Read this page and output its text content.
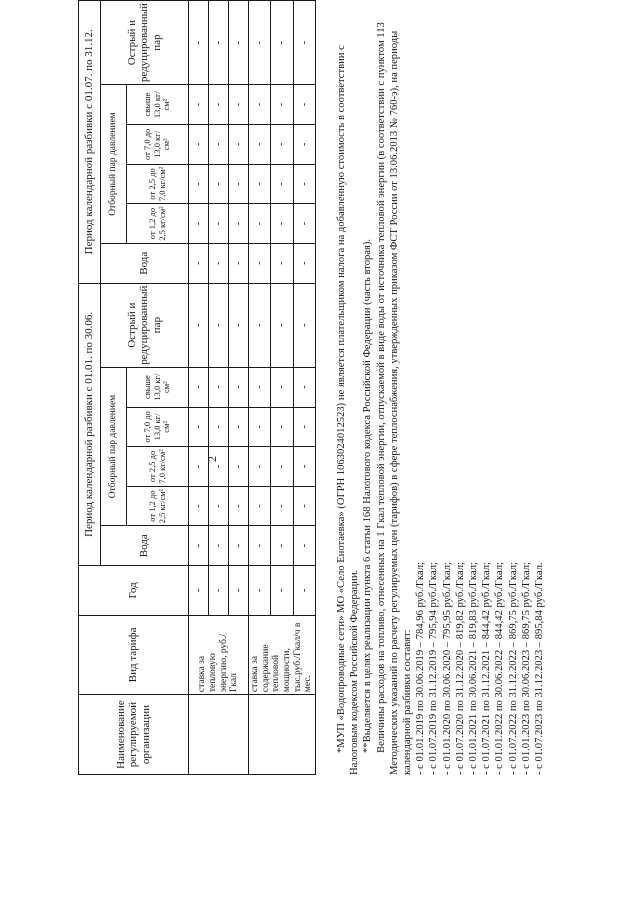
2
Наименование регулируемой организации	Вид тарифа	Год	Период календарной разбивки с 01.01. по 30.06.						Период календарной разбивки с 01.07. по 31.12.					
			Вода	Отборный пар давлением				Острый и редуцированный пар	Вода	Отборный пар давлением				Острый и редуцированный пар
				от 1,2 до 2,5 кг/см²	от 2,5 до 7,0 кг/см²	от 7,0 до 13,0 кг/см²	свыше 13,0 кг/см²			от 1,2 до 2,5 кг/см²	от 2,5 до 7,0 кг/см²	от 7,0 до 13,0 кг/см²	свыше 13,0 кг/см²	
	ставка за тепловую энергию, руб./Гкал	-	-	-	-	-	-	-	-	-	-	-	-	-
		-	-	-	-	-	-	-	-	-	-	-	-	-
		-	-	-	-	-	-	-	-	-	-	-	-	-
	ставка за содержание тепловой мощности, тыс.руб./Гкал/ч в мес.	-	-	-	-	-	-	-	-	-	-	-	-	-
		-	-	-	-	-	-	-	-	-	-	-	-	-
		-	-	-	-	-	-	-	-	-	-	-	-	-

*МУП «Водопроводные сети» МО «Село Енотаевка» (ОГРН 1063024012523) не является плательщиком налога на добавленную стоимость в соответствии с Налоговым кодексом Российской Федерации. **Выделяется в целях реализации пункта 6 статьи 168 Налогового кодекса Российской Федерации (часть вторая). Величины расходов на топливо, отнесенных на 1 Гкал тепловой энергии, отпускаемой в виде воды от источника тепловой энергии (в соответствии с пунктом 113 Методических указаний по расчету регулируемых цен (тарифов) в сфере теплоснабжения, утвержденных приказом ФСТ России от 13.06.2013 № 760-э), на периоды календарной разбивки составят: - с 01.01.2019 по 30.06.2019 – 784,96 руб./Гкал; - с 01.07.2019 по 31.12.2019 – 795,94 руб./Гкал; - с 01.01.2020 по 30.06.2020 – 795,95 руб./Гкал; - с 01.07.2020 по 31.12.2020 – 819,82 руб./Гкал; - с 01.01.2021 по 30.06.2021 – 819,83 руб./Гкал; - с 01.07.2021 по 31.12.2021 – 844,42 руб./Гкал; - с 01.01.2022 по 30.06.2022 – 844,42 руб./Гкал; - с 01.07.2022 по 31.12.2022 – 869,75 руб./Гкал; - с 01.01.2023 по 30.06.2023 – 869,75 руб./Гкал; - с 01.07.2023 по 31.12.2023 – 895,84 руб./Гкал.
